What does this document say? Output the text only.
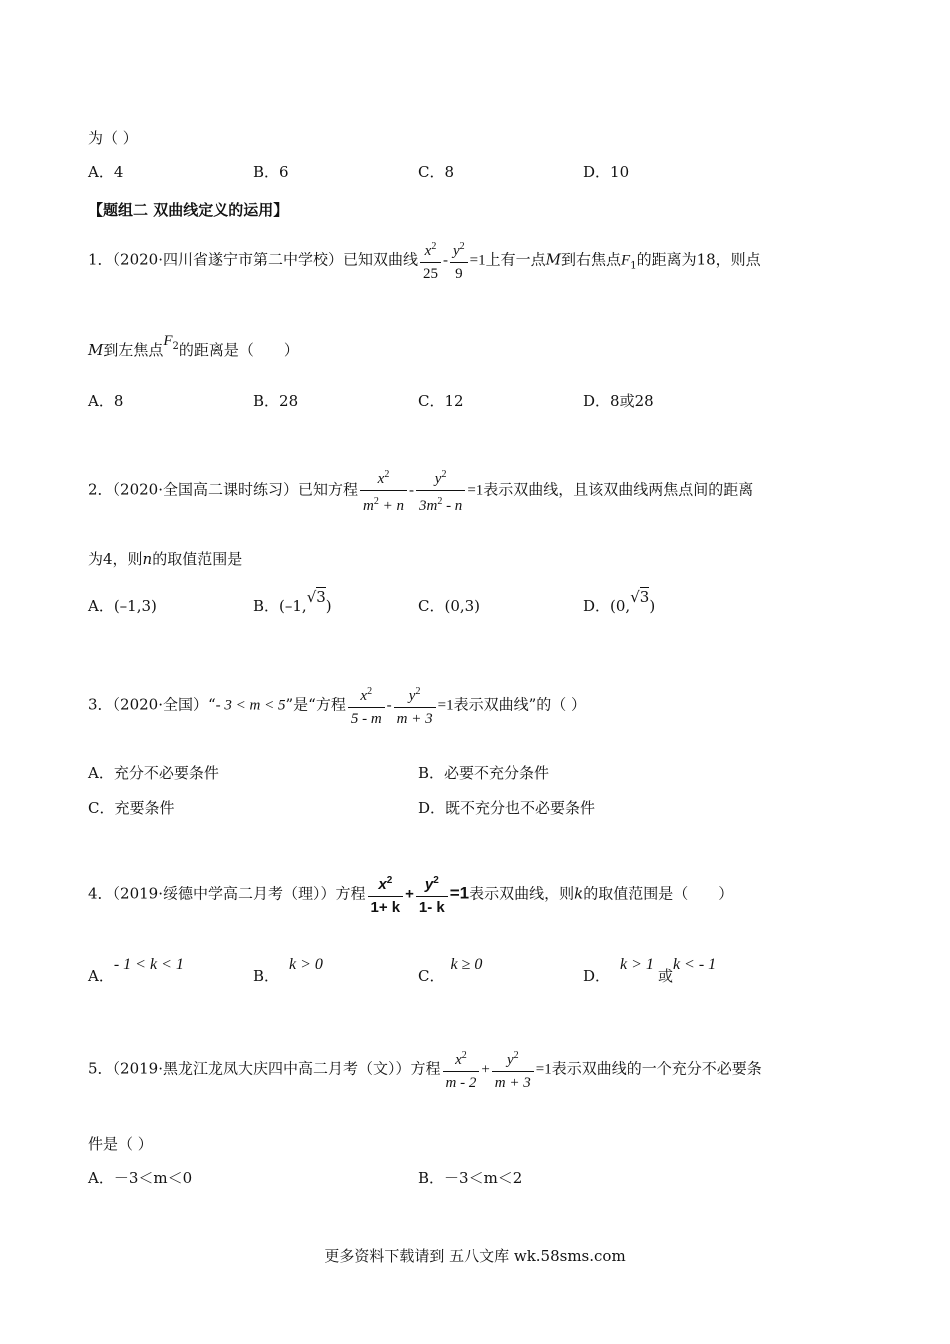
为（ ）
A．4	B．6	C．8	D．10
【题组二 双曲线定义的运用】
1．（2020·四川省遂宁市第二中学校）已知双曲线 $\frac{x^2}{25} - \frac{y^2}{9} =1$上有一点M到右焦点$F_1$的距离为18，则点
M到左焦点$F_2$的距离是（　　）
A．8	B．28	C．12	D．8或28
2．（2020·全国高二课时练习）已知方程 $\frac{x^2}{m^2 + n} - \frac{y^2}{3m^2 - n} =1$表示双曲线，且该双曲线两焦点间的距离
为4，则n的取值范围是
A．(–1,3)	B．(–1,√3)	C．(0,3)	D．(0,√3)
3．（2020·全国）“- 3 < m < 5”是“方程 $\frac{x^2}{5 - m} - \frac{y^2}{m + 3} =1$表示双曲线”的（ ）
A．充分不必要条件	B．必要不充分条件
C．充要条件	D．既不充分也不必要条件
4．（2019·绥德中学高二月考（理））方程 $\frac{x^2}{1+ k} + \frac{y^2}{1- k} =1$表示双曲线，则k的取值范围是（　　）
A．- 1 < k < 1
B．k > 0
C．k ≥ 0
D．k > 1或k < - 1
5．（2019·黑龙江龙凤大庆四中高二月考（文））方程 $\frac{x^2}{m - 2} + \frac{y^2}{m + 3} =1$表示双曲线的一个充分不必要条
件是（ ）
A．－3＜m＜0	B．－3＜m＜2
更多资料下载请到 五八文库 wk.58sms.com
